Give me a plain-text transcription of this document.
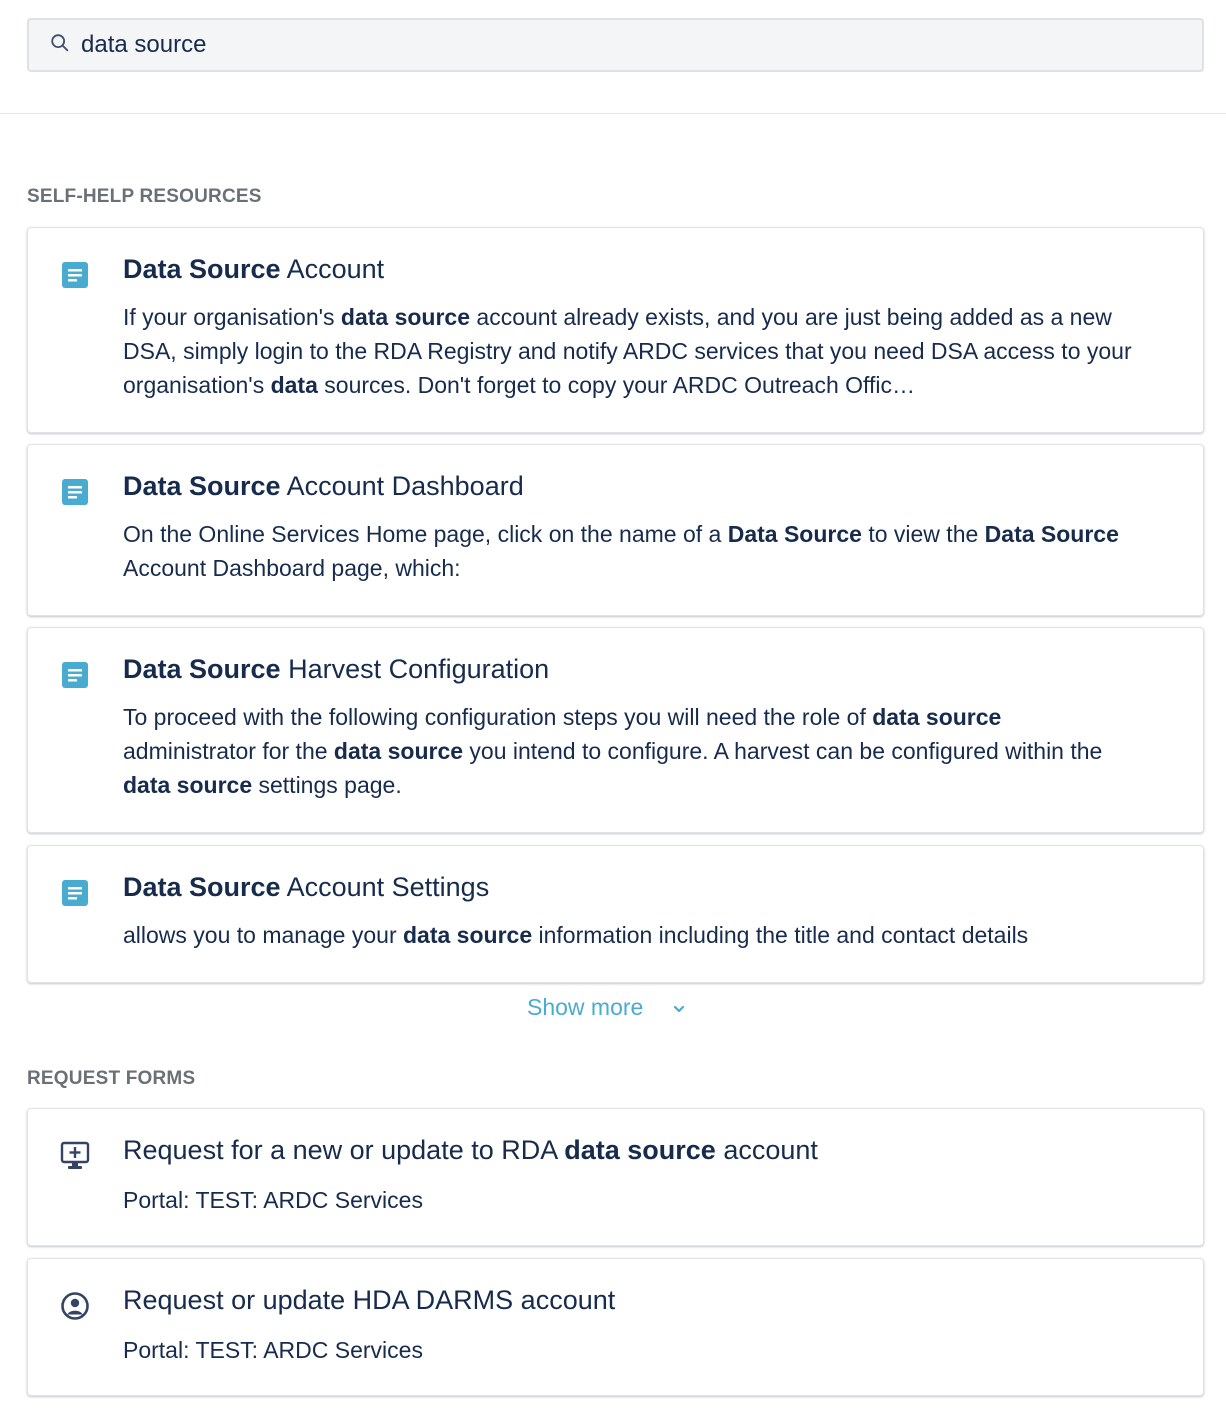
data source
SELF-HELP RESOURCES
Data Source Account
If your organisation's data source account already exists, and you are just being added as a new DSA, simply login to the RDA Registry and notify ARDC services that you need DSA access to your organisation's data sources. Don't forget to copy your ARDC Outreach Offic…
Data Source Account Dashboard
On the Online Services Home page, click on the name of a Data Source to view the Data Source Account Dashboard page, which:
Data Source Harvest Configuration
To proceed with the following configuration steps you will need the role of data source administrator for the data source you intend to configure. A harvest can be configured within the data source settings page.
Data Source Account Settings
allows you to manage your data source information including the title and contact details
Show more
REQUEST FORMS
Request for a new or update to RDA data source account
Portal: TEST: ARDC Services
Request or update HDA DARMS account
Portal: TEST: ARDC Services
